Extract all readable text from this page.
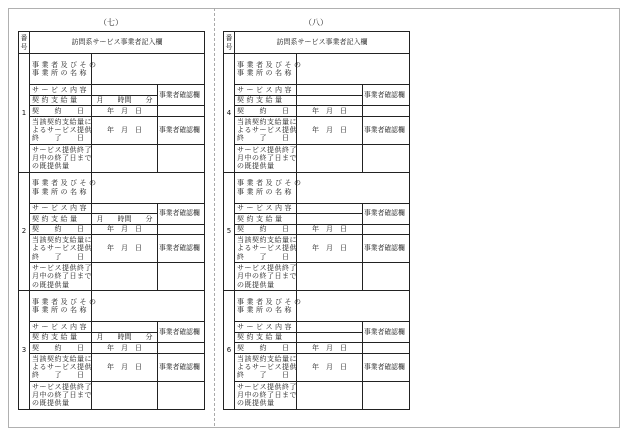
（七）
番
号	訪問系サービス事業者記入欄		
1	事業者及びその
事業所の名称		
	サービス内容		事業者確認欄
	契約支給量	月　　時間　　分	
	契　　約　　日	年　月　日	
	当該契約支給量に
よるサービス提供
終　　了　　日	年　月　日	事業者確認欄
	サービス提供終了
月中の終了日まで
の既提供量		
2	事業者及びその
事業所の名称		
	サービス内容		事業者確認欄
	契約支給量	月　　時間　　分	
	契　　約　　日	年　月　日	
	当該契約支給量に
よるサービス提供
終　　了　　日	年　月　日	事業者確認欄
	サービス提供終了
月中の終了日まで
の既提供量		
3	事業者及びその
事業所の名称		
	サービス内容		事業者確認欄
	契約支給量	月　　時間　　分	
	契　　約　　日	年　月　日	
	当該契約支給量に
よるサービス提供
終　　了　　日	年　月　日	事業者確認欄
	サービス提供終了
月中の終了日まで
の既提供量		
（八）
番
号	訪問系サービス事業者記入欄		
4	事業者及びその
事業所の名称		
	サービス内容		事業者確認欄
	契約支給量		
	契　　約　　日	年　月　日	
	当該契約支給量に
よるサービス提供
終　　了　　日	年　月　日	事業者確認欄
	サービス提供終了
月中の終了日まで
の既提供量		
5	事業者及びその
事業所の名称		
	サービス内容		事業者確認欄
	契約支給量		
	契　　約　　日	年　月　日	
	当該契約支給量に
よるサービス提供
終　　了　　日	年　月　日	事業者確認欄
	サービス提供終了
月中の終了日まで
の既提供量		
6	事業者及びその
事業所の名称		
	サービス内容		事業者確認欄
	契約支給量		
	契　　約　　日	年　月　日	
	当該契約支給量に
よるサービス提供
終　　了　　日	年　月　日	事業者確認欄
	サービス提供終了
月中の終了日まで
の既提供量		
